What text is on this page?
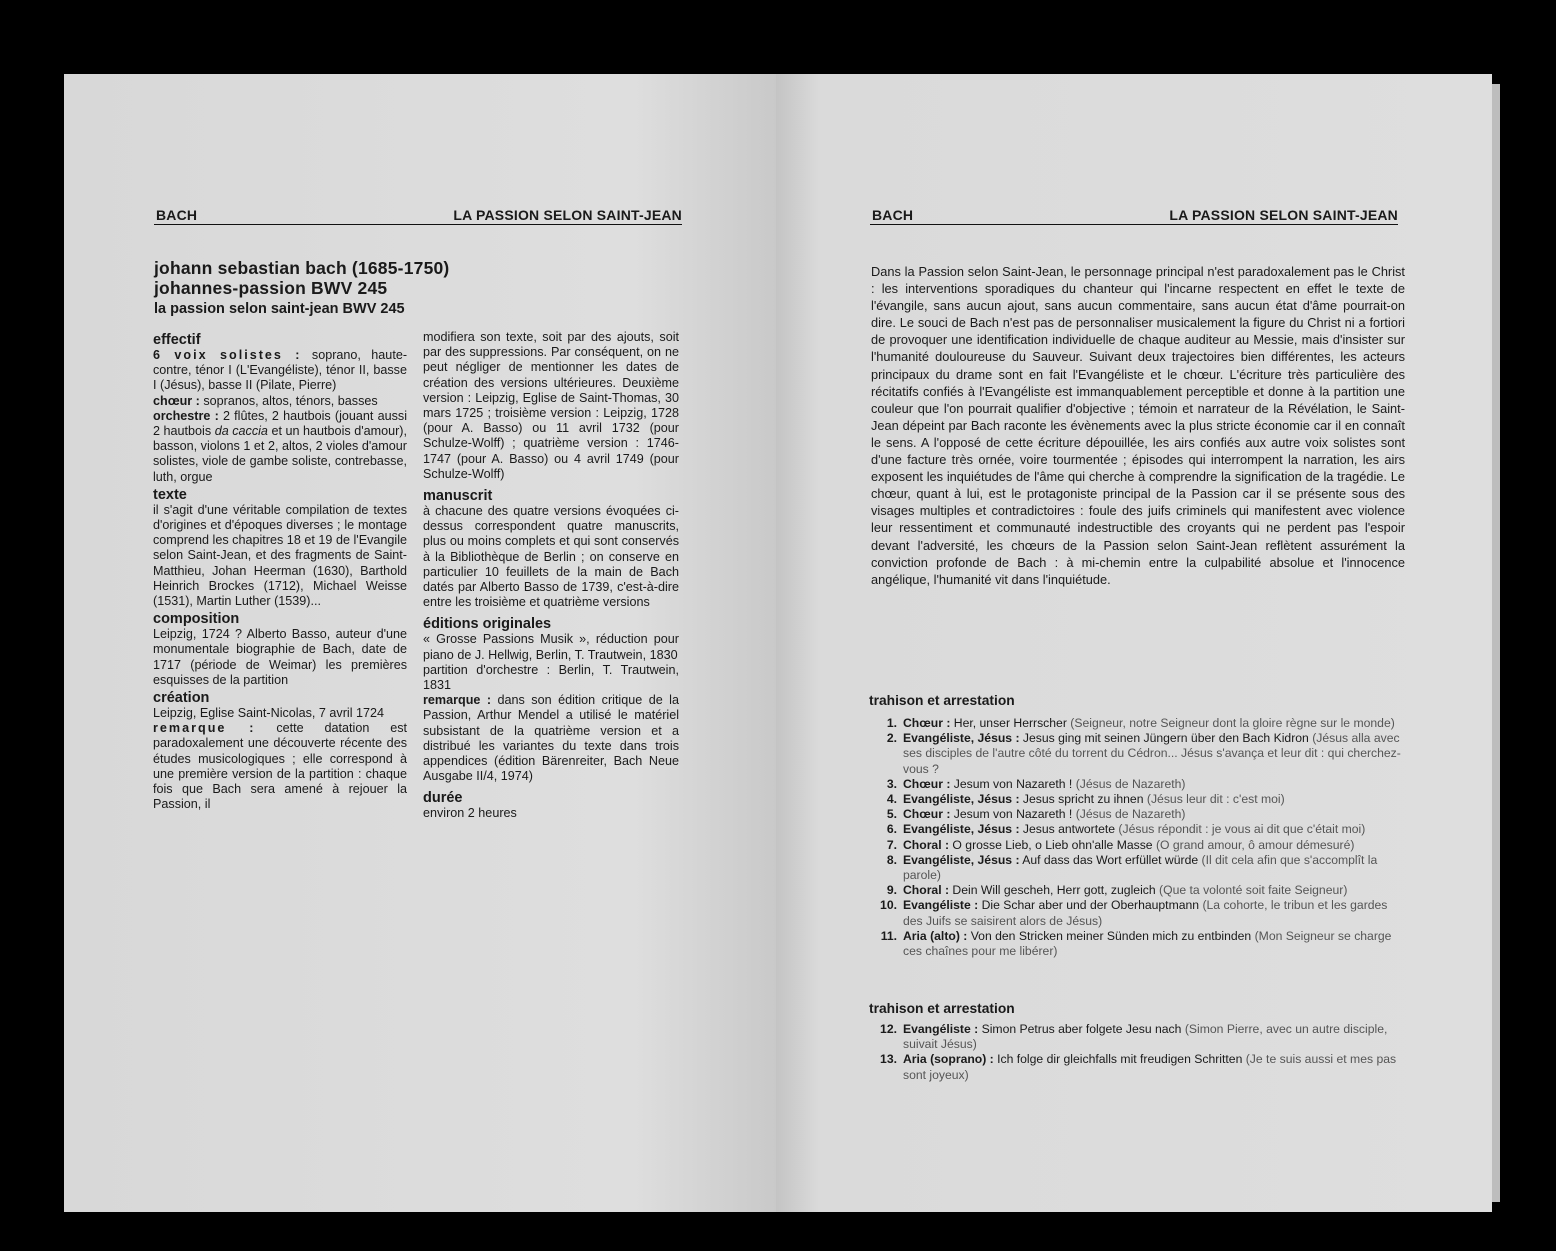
BACH	LA PASSION SELON SAINT-JEAN
johann sebastian bach (1685-1750)
johannes-passion BWV 245
la passion selon saint-jean BWV 245
effectif

6 voix solistes : soprano, haute-contre, ténor I (L'Evangéliste), ténor II, basse I (Jésus), basse II (Pilate, Pierre)

chœur : sopranos, altos, ténors, basses

orchestre : 2 flûtes, 2 hautbois (jouant aussi 2 hautbois da caccia et un hautbois d'amour), basson, violons 1 et 2, altos, 2 violes d'amour solistes, viole de gambe soliste, contrebasse, luth, orgue

texte

il s'agit d'une véritable compilation de textes d'origines et d'époques diverses ; le montage comprend les chapitres 18 et 19 de l'Evangile selon Saint-Jean, et des fragments de Saint-Matthieu, Johan Heerman (1630), Barthold Heinrich Brockes (1712), Michael Weisse (1531), Martin Luther (1539)...

composition

Leipzig, 1724 ? Alberto Basso, auteur d'une monumentale biographie de Bach, date de 1717 (période de Weimar) les premières esquisses de la partition

création

Leipzig, Eglise Saint-Nicolas, 7 avril 1724

remarque : cette datation est paradoxalement une découverte récente des études musicologiques ; elle correspond à une première version de la partition : chaque fois que Bach sera amené à rejouer la Passion, il

modifiera son texte, soit par des ajouts, soit par des suppressions. Par conséquent, on ne peut négliger de mentionner les dates de création des versions ultérieures. Deuxième version : Leipzig, Eglise de Saint-Thomas, 30 mars 1725 ; troisième version : Leipzig, 1728 (pour A. Basso) ou 11 avril 1732 (pour Schulze-Wolff) ; quatrième version : 1746-1747 (pour A. Basso) ou 4 avril 1749 (pour Schulze-Wolff)

manuscrit

à chacune des quatre versions évoquées ci-dessus correspondent quatre manuscrits, plus ou moins complets et qui sont conservés à la Bibliothèque de Berlin ; on conserve en particulier 10 feuillets de la main de Bach datés par Alberto Basso de 1739, c'est-à-dire entre les troisième et quatrième versions

éditions originales

« Grosse Passions Musik », réduction pour piano de J. Hellwig, Berlin, T. Trautwein, 1830

partition d'orchestre : Berlin, T. Trautwein, 1831

remarque : dans son édition critique de la Passion, Arthur Mendel a utilisé le matériel subsistant de la quatrième version et a distribué les variantes du texte dans trois appendices (édition Bärenreiter, Bach Neue Ausgabe II/4, 1974)

durée

environ 2 heures

BACH	LA PASSION SELON SAINT-JEAN
Dans la Passion selon Saint-Jean, le personnage principal n'est paradoxalement pas le Christ : les interventions sporadiques du chanteur qui l'incarne respectent en effet le texte de l'évangile, sans aucun ajout, sans aucun commentaire, sans aucun état d'âme pourrait-on dire. Le souci de Bach n'est pas de personnaliser musicalement la figure du Christ ni a fortiori de provoquer une identification individuelle de chaque auditeur au Messie, mais d'insister sur l'humanité douloureuse du Sauveur. Suivant deux trajectoires bien différentes, les acteurs principaux du drame sont en fait l'Evangéliste et le chœur. L'écriture très particulière des récitatifs confiés à l'Evangéliste est immanquablement perceptible et donne à la partition une couleur que l'on pourrait qualifier d'objective ; témoin et narrateur de la Révélation, le Saint-Jean dépeint par Bach raconte les évènements avec la plus stricte économie car il en connaît le sens. A l'opposé de cette écriture dépouillée, les airs confiés aux autre voix solistes sont d'une facture très ornée, voire tourmentée ; épisodes qui interrompent la narration, les airs exposent les inquiétudes de l'âme qui cherche à comprendre la signification de la tragédie. Le chœur, quant à lui, est le protagoniste principal de la Passion car il se présente sous des visages multiples et contradictoires : foule des juifs criminels qui manifestent avec violence leur ressentiment et communauté indestructible des croyants qui ne perdent pas l'espoir devant l'adversité, les chœurs de la Passion selon Saint-Jean reflètent assurément la conviction profonde de Bach : à mi-chemin entre la culpabilité absolue et l'innocence angélique, l'humanité vit dans l'inquiétude.
trahison et arrestation
1. Chœur : Her, unser Herrscher (Seigneur, notre Seigneur dont la gloire règne sur le monde)
2. Evangéliste, Jésus : Jesus ging mit seinen Jüngern über den Bach Kidron (Jésus alla avec ses disciples de l'autre côté du torrent du Cédron... Jésus s'avança et leur dit : qui cherchez-vous ?
3. Chœur : Jesum von Nazareth ! (Jésus de Nazareth)
4. Evangéliste, Jésus : Jesus spricht zu ihnen (Jésus leur dit : c'est moi)
5. Chœur : Jesum von Nazareth ! (Jésus de Nazareth)
6. Evangéliste, Jésus : Jesus antwortete (Jésus répondit : je vous ai dit que c'était moi)
7. Choral : O grosse Lieb, o Lieb ohn'alle Masse (O grand amour, ô amour démesuré)
8. Evangéliste, Jésus : Auf dass das Wort erfüllet würde (Il dit cela afin que s'accomplît la parole)
9. Choral : Dein Will gescheh, Herr gott, zugleich (Que ta volonté soit faite Seigneur)
10. Evangéliste : Die Schar aber und der Oberhauptmann (La cohorte, le tribun et les gardes des Juifs se saisirent alors de Jésus)
11. Aria (alto) : Von den Stricken meiner Sünden mich zu entbinden (Mon Seigneur se charge ces chaînes pour me libérer)
trahison et arrestation
12. Evangéliste : Simon Petrus aber folgete Jesu nach (Simon Pierre, avec un autre disciple, suivait Jésus)
13. Aria (soprano) : Ich folge dir gleichfalls mit freudigen Schritten (Je te suis aussi et mes pas sont joyeux)
